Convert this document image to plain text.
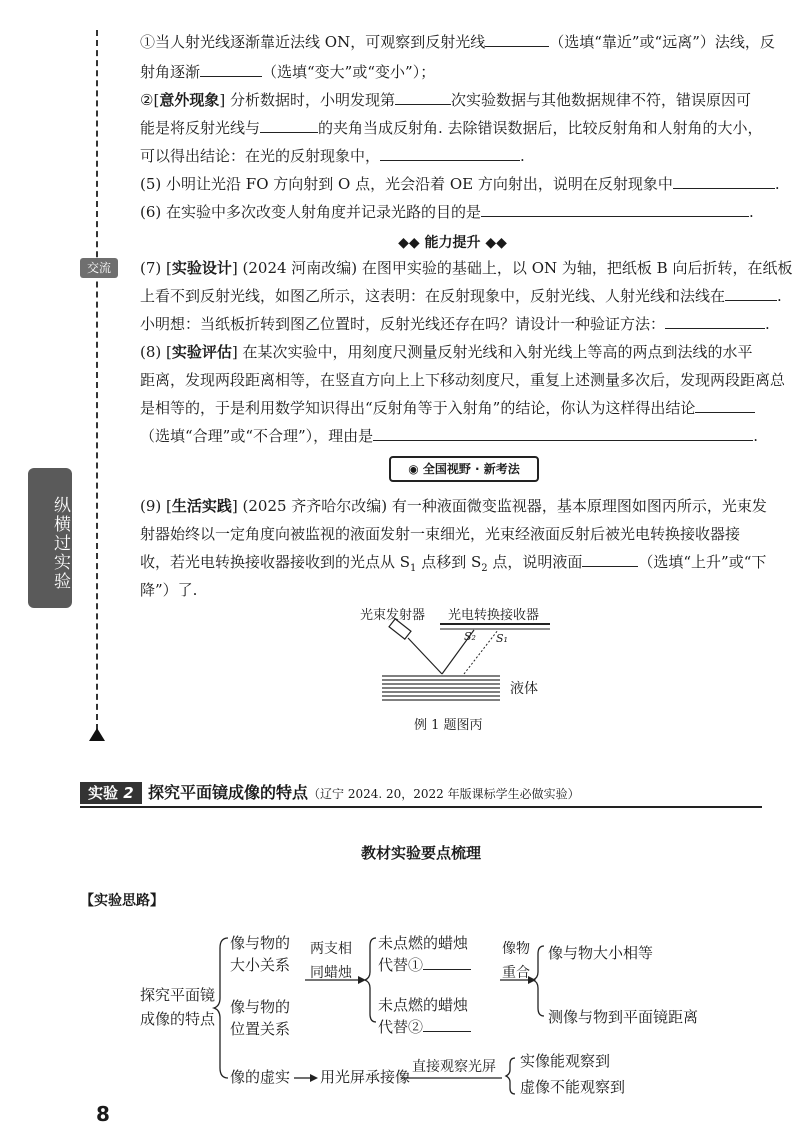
交流
纵横过实验
①当人射光线逐渐靠近法线 ON，可观察到反射光线	（选填“靠近”或“远离”）法线，反
射角逐渐	（选填“变大”或“变小”）；
②[意外现象] 分析数据时，小明发现第	次实验数据与其他数据规律不符，错误原因可
能是将反射光线与	的夹角当成反射角. 去除错误数据后，比较反射角和人射角的大小，
可以得出结论：在光的反射现象中，	.
(5) 小明让光沿 FO 方向射到 O 点，光会沿着 OE 方向射出，说明在反射现象中	.
(6) 在实验中多次改变人射角度并记录光路的目的是	.
◆◆ 能力提升 ◆◆
(7) [实验设计] (2024 河南改编) 在图甲实验的基础上，以 ON 为轴，把纸板 B 向后折转，在纸板
上看不到反射光线，如图乙所示，这表明：在反射现象中，反射光线、人射光线和法线在	.
小明想：当纸板折转到图乙位置时，反射光线还存在吗？请设计一种验证方法：	.
(8) [实验评估] 在某次实验中，用刻度尺测量反射光线和入射光线上等高的两点到法线的水平
距离，发现两段距离相等，在竖直方向上上下移动刻度尺，重复上述测量多次后，发现两段距离总
是相等的，于是利用数学知识得出“反射角等于入射角”的结论，你认为这样得出结论
（选填“合理”或“不合理”），理由是	.
◉ 全国视野 · 新考法
(9) [生活实践] (2025 齐齐哈尔改编) 有一种液面微变监视器，基本原理图如图丙所示，光束发
射器始终以一定角度向被监视的液面发射一束细光，光束经液面反射后被光电转换接收器接
收，若光电转换接收器接收到的光点从 $S_1$ 点移到 $S_2$ 点，说明液面	（选填“上升”或“下
降”）了.
光束发射器 光电转换接收器
S₂ S₁
液体
例 1 题图丙
实验 2 探究平面镜成像的特点（辽宁 2024. 20，2022 年版课标学生必做实验）
教材实验要点梳理
【实验思路】
探究平面镜
成像的特点
像与物的
大小关系
像与物的
位置关系
像的虚实
两支相
同蜡烛
未点燃的蜡烛
代替①
未点燃的蜡烛
代替②
像物
重合
像与物大小相等
测像与物到平面镜距离
用光屏承接像
直接观察光屏 实像能观察到
虚像不能观察到
8
